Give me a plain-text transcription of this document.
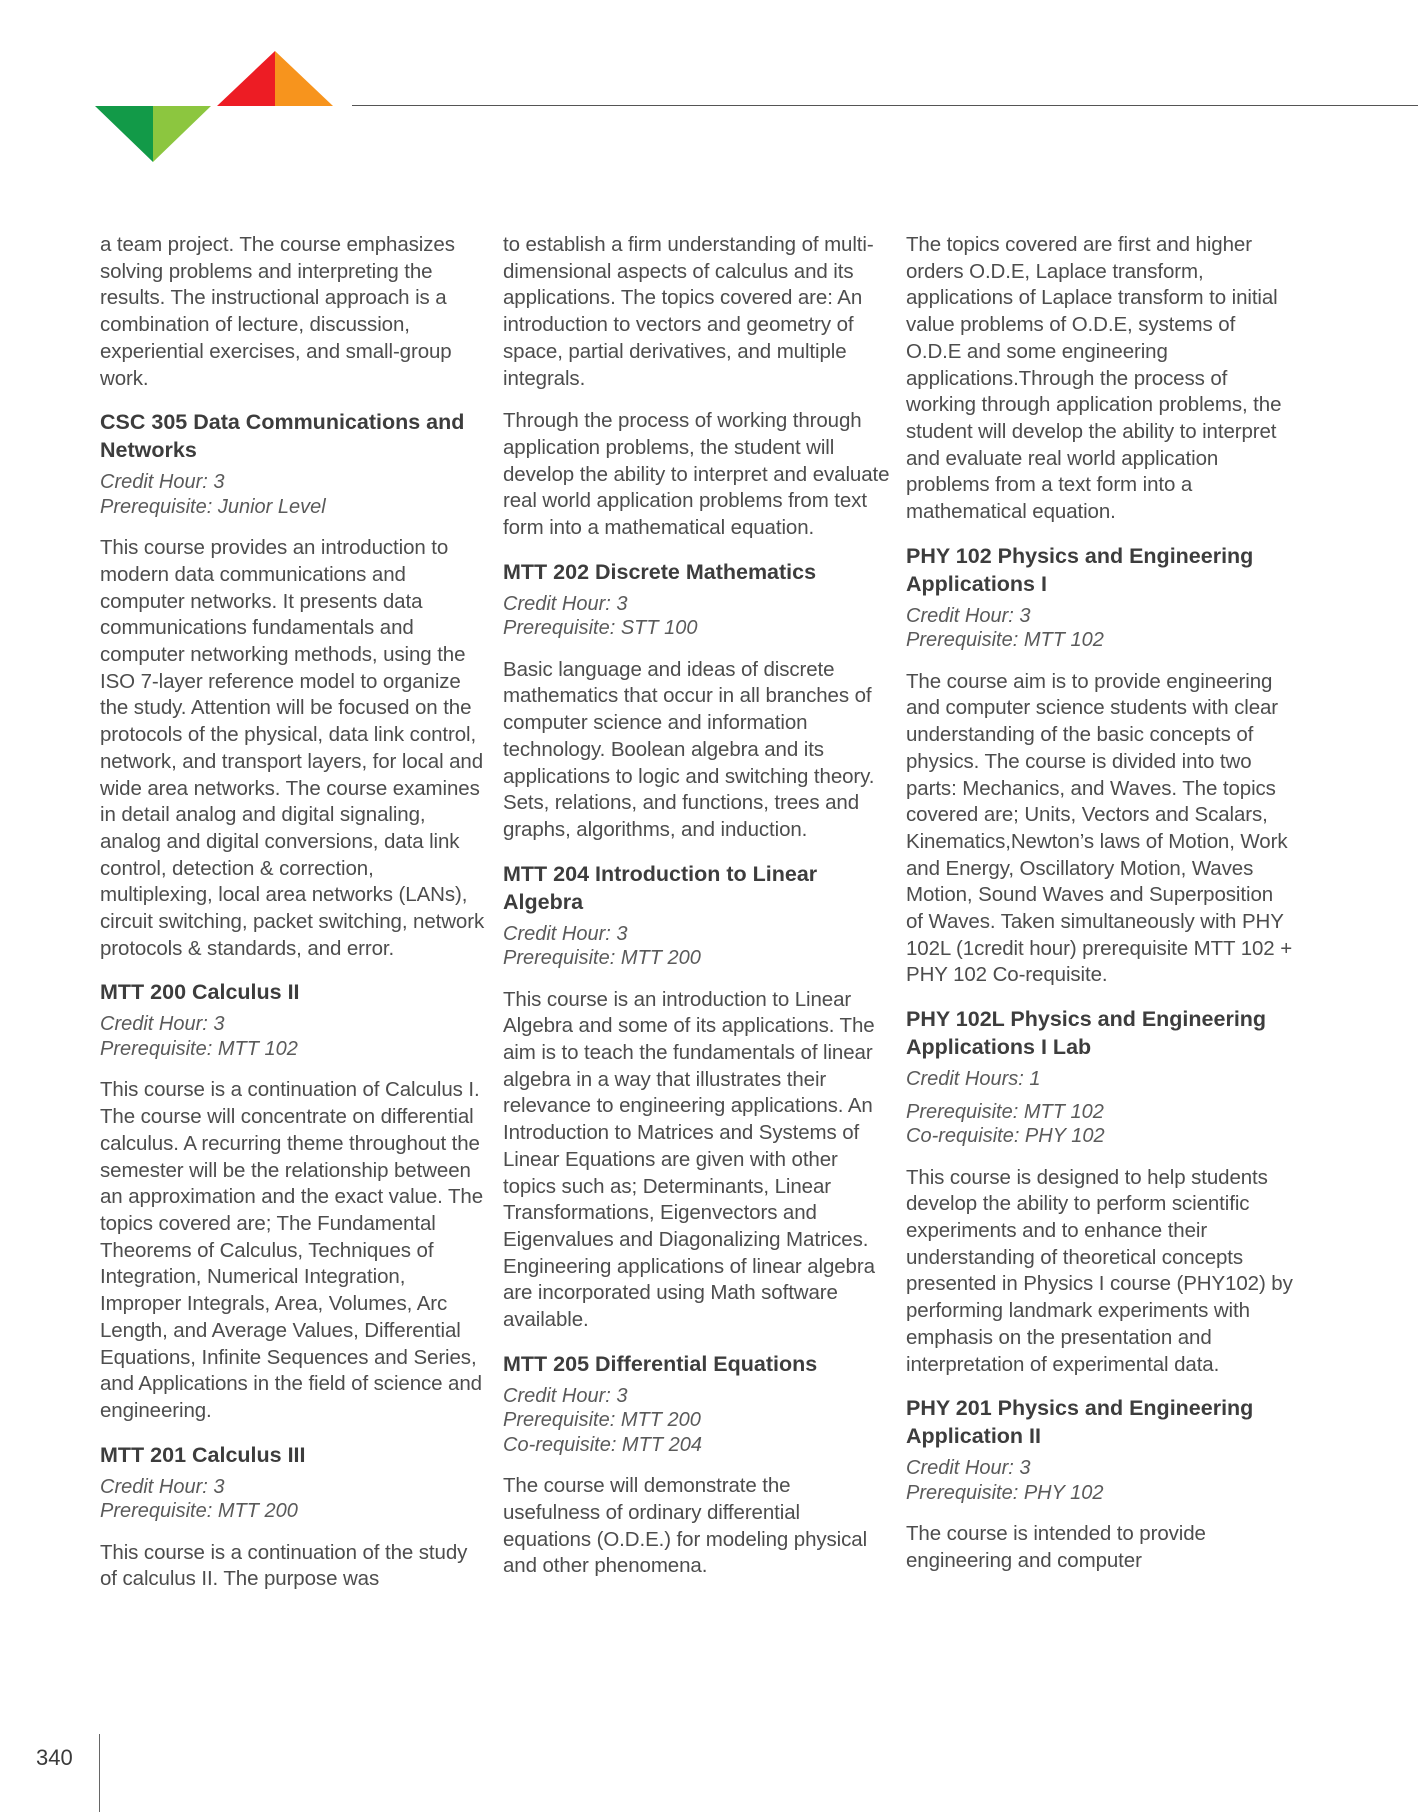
a team project. The course emphasizes solving problems and interpreting the results. The instructional approach is a combination of lecture, discussion, experiential exercises, and small-group work.

CSC 305 Data Communications and Networks
Credit Hour: 3
Prerequisite: Junior Level

This course provides an introduction to modern data communications and computer networks. It presents data communications fundamentals and computer networking methods, using the ISO 7-layer reference model to organize the study. Attention will be focused on the protocols of the physical, data link control, network, and transport layers, for local and wide area networks. The course examines in detail analog and digital signaling, analog and digital conversions, data link control, detection & correction, multiplexing, local area networks (LANs), circuit switching, packet switching, network protocols & standards, and error.

MTT 200 Calculus II
Credit Hour: 3
Prerequisite: MTT 102

This course is a continuation of Calculus I. The course will concentrate on differential calculus. A recurring theme throughout the semester will be the relationship between an approximation and the exact value. The topics covered are; The Fundamental Theorems of Calculus, Techniques of Integration, Numerical Integration, Improper Integrals, Area, Volumes, Arc Length, and Average Values, Differential Equations, Infinite Sequences and Series, and Applications in the field of science and engineering.

MTT 201 Calculus III
Credit Hour: 3
Prerequisite: MTT 200

This course is a continuation of the study of calculus II. The purpose was

to establish a firm understanding of multi-dimensional aspects of calculus and its applications. The topics covered are: An introduction to vectors and geometry of space, partial derivatives, and multiple integrals.

Through the process of working through application problems, the student will develop the ability to interpret and evaluate real world application problems from text form into a mathematical equation.

MTT 202 Discrete Mathematics
Credit Hour: 3
Prerequisite: STT 100

Basic language and ideas of discrete mathematics that occur in all branches of computer science and information technology. Boolean algebra and its applications to logic and switching theory. Sets, relations, and functions, trees and graphs, algorithms, and induction.

MTT 204 Introduction to Linear Algebra
Credit Hour: 3
Prerequisite: MTT 200

This course is an introduction to Linear Algebra and some of its applications. The aim is to teach the fundamentals of linear algebra in a way that illustrates their relevance to engineering applications. An Introduction to Matrices and Systems of Linear Equations are given with other topics such as; Determinants, Linear Transformations, Eigenvectors and Eigenvalues and Diagonalizing Matrices. Engineering applications of linear algebra are incorporated using Math software available.

MTT 205 Differential Equations
Credit Hour: 3
Prerequisite: MTT 200
Co-requisite: MTT 204

The course will demonstrate the usefulness of ordinary differential equations (O.D.E.) for modeling physical and other phenomena.

The topics covered are first and higher orders O.D.E, Laplace transform, applications of Laplace transform to initial value problems of O.D.E, systems of O.D.E and some engineering applications.Through the process of working through application problems, the student will develop the ability to interpret and evaluate real world application problems from a text form into a mathematical equation.

PHY 102 Physics and Engineering Applications I
Credit Hour: 3
Prerequisite: MTT 102

The course aim is to provide engineering and computer science students with clear understanding of the basic concepts of physics. The course is divided into two parts: Mechanics, and Waves. The topics covered are; Units, Vectors and Scalars, Kinematics,Newton’s laws of Motion, Work and Energy, Oscillatory Motion, Waves Motion, Sound Waves and Superposition of Waves. Taken simultaneously with PHY 102L (1credit hour) prerequisite MTT 102 + PHY 102 Co-requisite.

PHY 102L Physics and Engineering Applications I Lab
Credit Hours: 1
Prerequisite: MTT 102
Co-requisite: PHY 102

This course is designed to help students develop the ability to perform scientific experiments and to enhance their understanding of theoretical concepts presented in Physics I course (PHY102) by performing landmark experiments with emphasis on the presentation and interpretation of experimental data.

PHY 201 Physics and Engineering Application II
Credit Hour: 3
Prerequisite: PHY 102

The course is intended to provide engineering and computer

340
